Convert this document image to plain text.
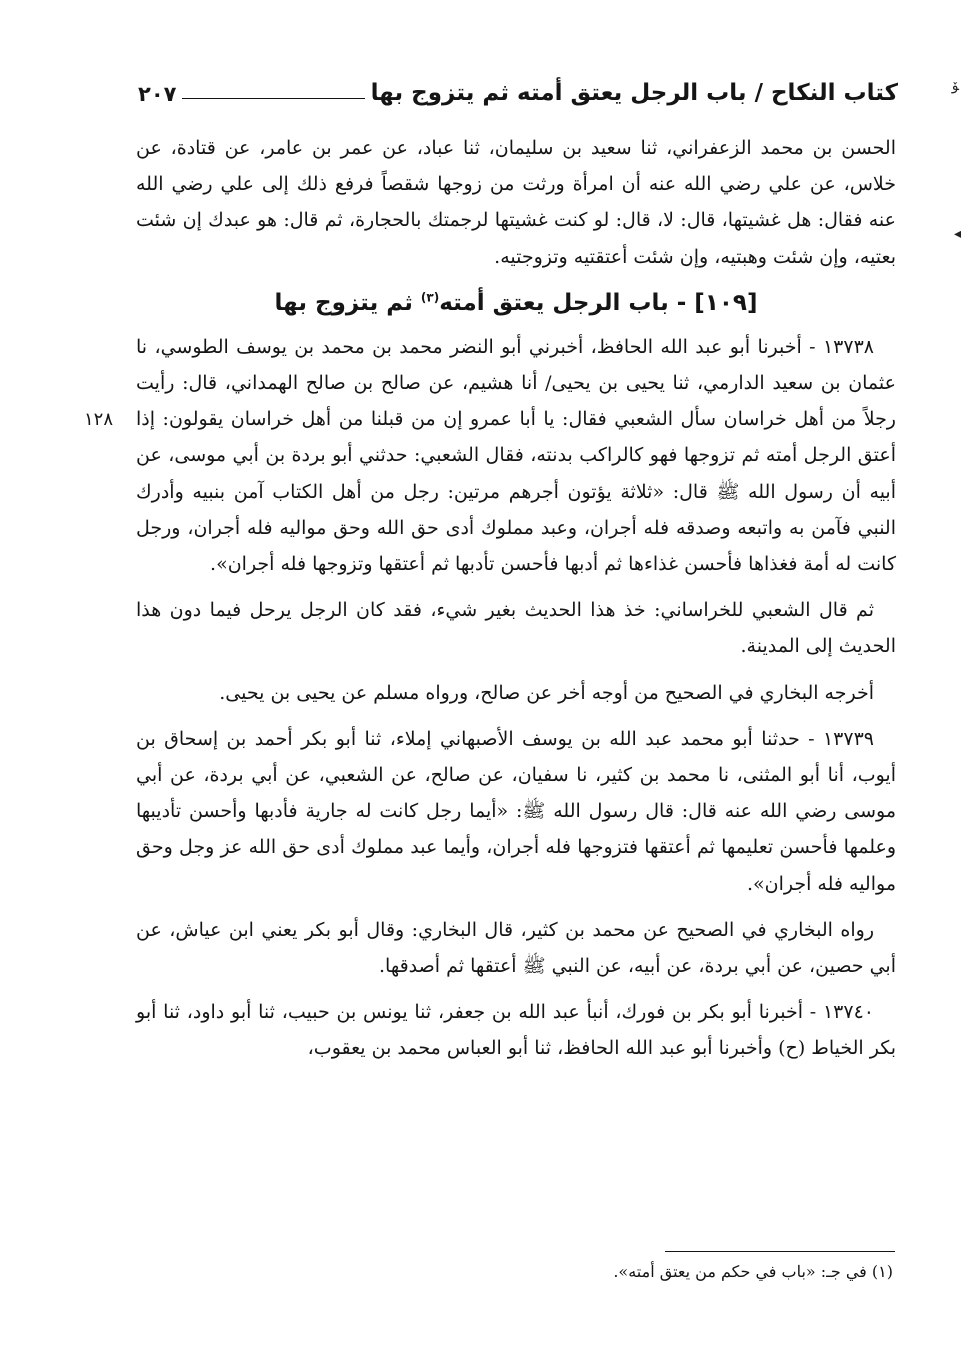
كتاب النكاح / باب الرجل يعتق أمته ثم يتزوج بها
٢٠٧	ﯚ
◂

الحسن بن محمد الزعفراني، ثنا سعيد بن سليمان، ثنا عباد، عن عمر بن عامر، عن قتادة، عن خلاس، عن علي رضي الله عنه أن امرأة ورثت من زوجها شقصاً فرفع ذلك إلى علي رضي الله عنه فقال: هل غشيتها، قال: لا، قال: لو كنت غشيتها لرجمتك بالحجارة، ثم قال: هو عبدك إن شئت بعتيه، وإن شئت وهبتيه، وإن شئت أعتقتيه وتزوجتيه.

[١٠٩] - باب الرجل يعتق أمته$^{(٣)}$ ثم يتزوج بها

١٣٧٣٨ - أخبرنا أبو عبد الله الحافظ، أخبرني أبو النضر محمد بن محمد بن يوسف الطوسي، نا عثمان بن سعيد الدارمي، ثنا يحيى بن يحيى/ أنا هشيم، عن صالح بن صالح الهمداني، قال: رأيت رجلاً من أهل خراسان سأل الشعبي فقال: يا أبا عمرو إن من قبلنا من أهل خراسان يقولون: إذا أعتق الرجل أمته ثم تزوجها فهو كالراكب بدنته، فقال الشعبي: حدثني أبو بردة بن أبي موسى، عن أبيه أن رسول الله ﷺ قال: «ثلاثة يؤتون أجرهم مرتين: رجل من أهل الكتاب آمن بنبيه وأدرك النبي فآمن به واتبعه وصدقه فله أجران، وعبد مملوك أدى حق الله وحق مواليه فله أجران، ورجل كانت له أمة فغذاها فأحسن غذاءها ثم أدبها فأحسن تأدبها ثم أعتقها وتزوجها فله أجران».

ثم قال الشعبي للخراساني: خذ هذا الحديث بغير شيء، فقد كان الرجل يرحل فيما دون هذا الحديث إلى المدينة.

أخرجه البخاري في الصحيح من أوجه أخر عن صالح، ورواه مسلم عن يحيى بن يحيى.

١٣٧٣٩ - حدثنا أبو محمد عبد الله بن يوسف الأصبهاني إملاء، ثنا أبو بكر أحمد بن إسحاق بن أيوب، أنا أبو المثنى، نا محمد بن كثير، نا سفيان، عن صالح، عن الشعبي، عن أبي بردة، عن أبي موسى رضي الله عنه قال: قال رسول الله ﷺ: «أيما رجل كانت له جارية فأدبها وأحسن تأديبها وعلمها فأحسن تعليمها ثم أعتقها فتزوجها فله أجران، وأيما عبد مملوك أدى حق الله عز وجل وحق مواليه فله أجران».

رواه البخاري في الصحيح عن محمد بن كثير، قال البخاري: وقال أبو بكر يعني ابن عياش، عن أبي حصين، عن أبي بردة، عن أبيه، عن النبي ﷺ أعتقها ثم أصدقها.

١٣٧٤٠ - أخبرنا أبو بكر بن فورك، أنبأ عبد الله بن جعفر، ثنا يونس بن حبيب، ثنا أبو داود، ثنا أبو بكر الخياط (ح) وأخبرنا أبو عبد الله الحافظ، ثنا أبو العباس محمد بن يعقوب،

١٢٨
(١) في جـ: «باب في حكم من يعتق أمته».
